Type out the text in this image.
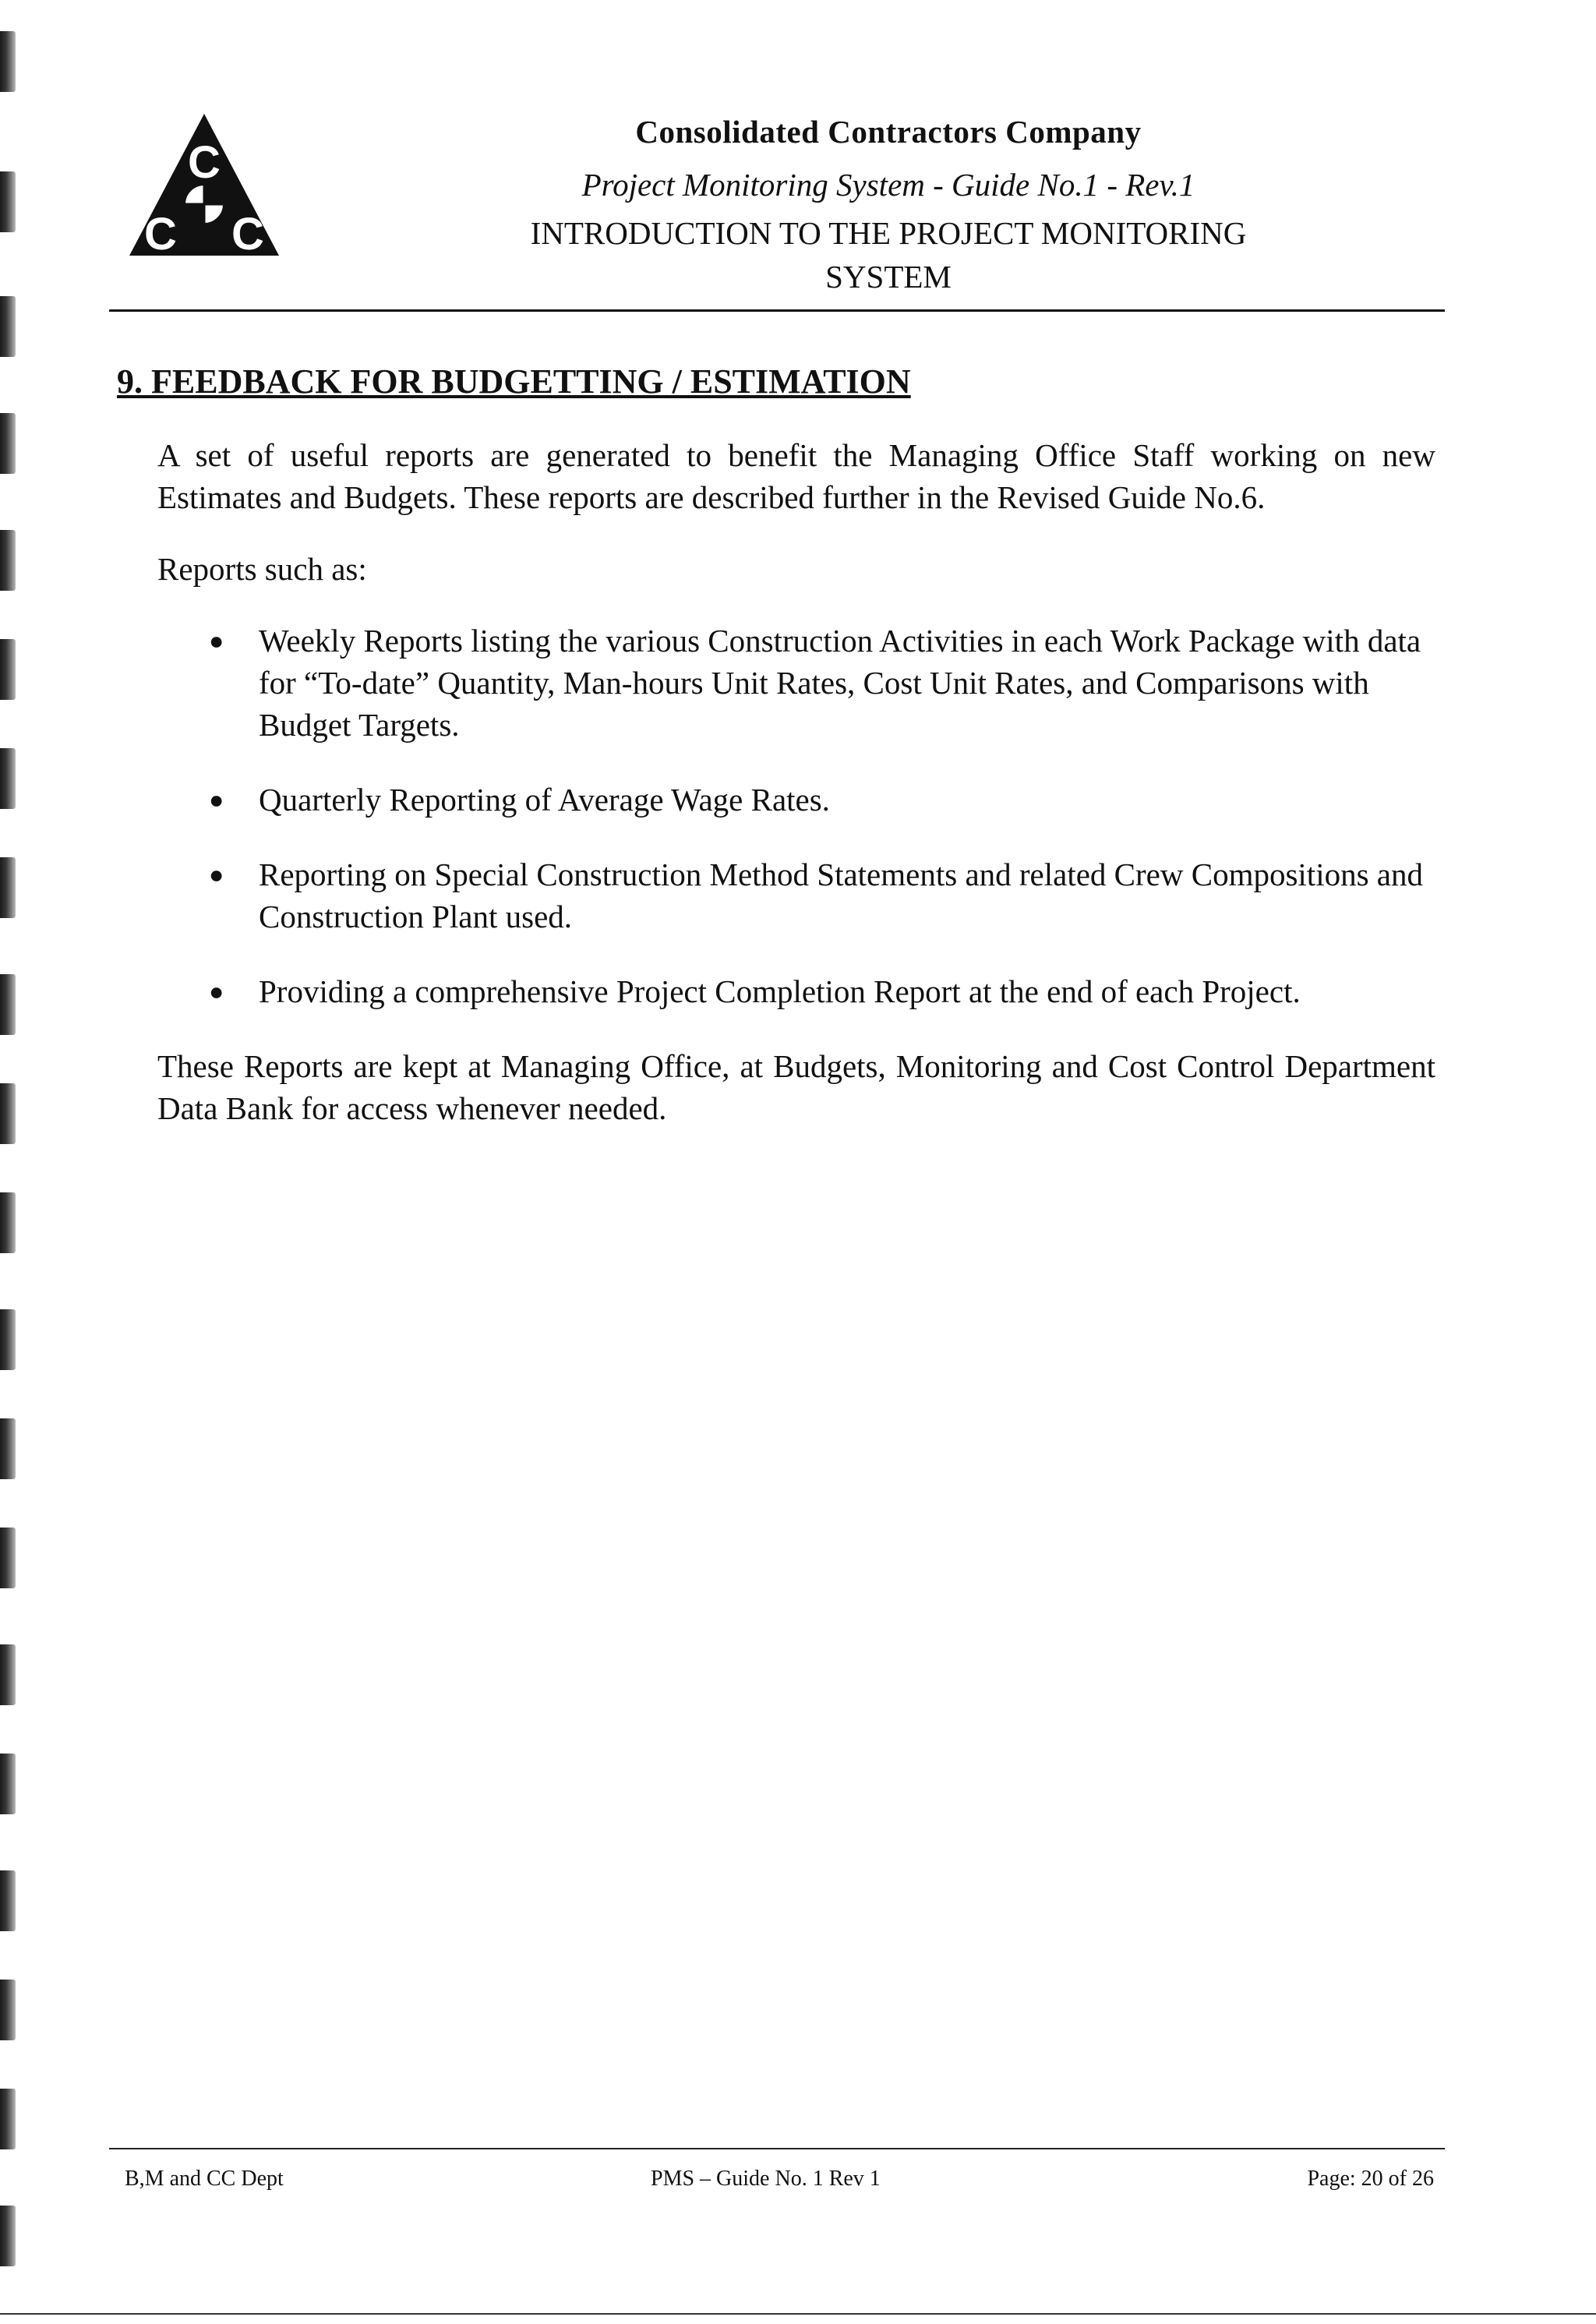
C
C C

Consolidated Contractors Company

Project Monitoring System - Guide No.1 - Rev.1

INTRODUCTION TO THE PROJECT MONITORING

SYSTEM

9. FEEDBACK FOR BUDGETTING / ESTIMATION

A set of useful reports are generated to benefit the Managing Office Staff working on new Estimates and Budgets. These reports are described further in the Revised Guide No.6.

Reports such as:

● Weekly Reports listing the various Construction Activities in each Work Package with data for “To-date” Quantity, Man-hours Unit Rates, Cost Unit Rates, and Comparisons with Budget Targets.
● Quarterly Reporting of Average Wage Rates.
● Reporting on Special Construction Method Statements and related Crew Compositions and Construction Plant used.
● Providing a comprehensive Project Completion Report at the end of each Project.

These Reports are kept at Managing Office, at Budgets, Monitoring and Cost Control Department Data Bank for access whenever needed.

B,M and CC Dept	PMS – Guide No. 1 Rev 1	Page: 20 of 26
